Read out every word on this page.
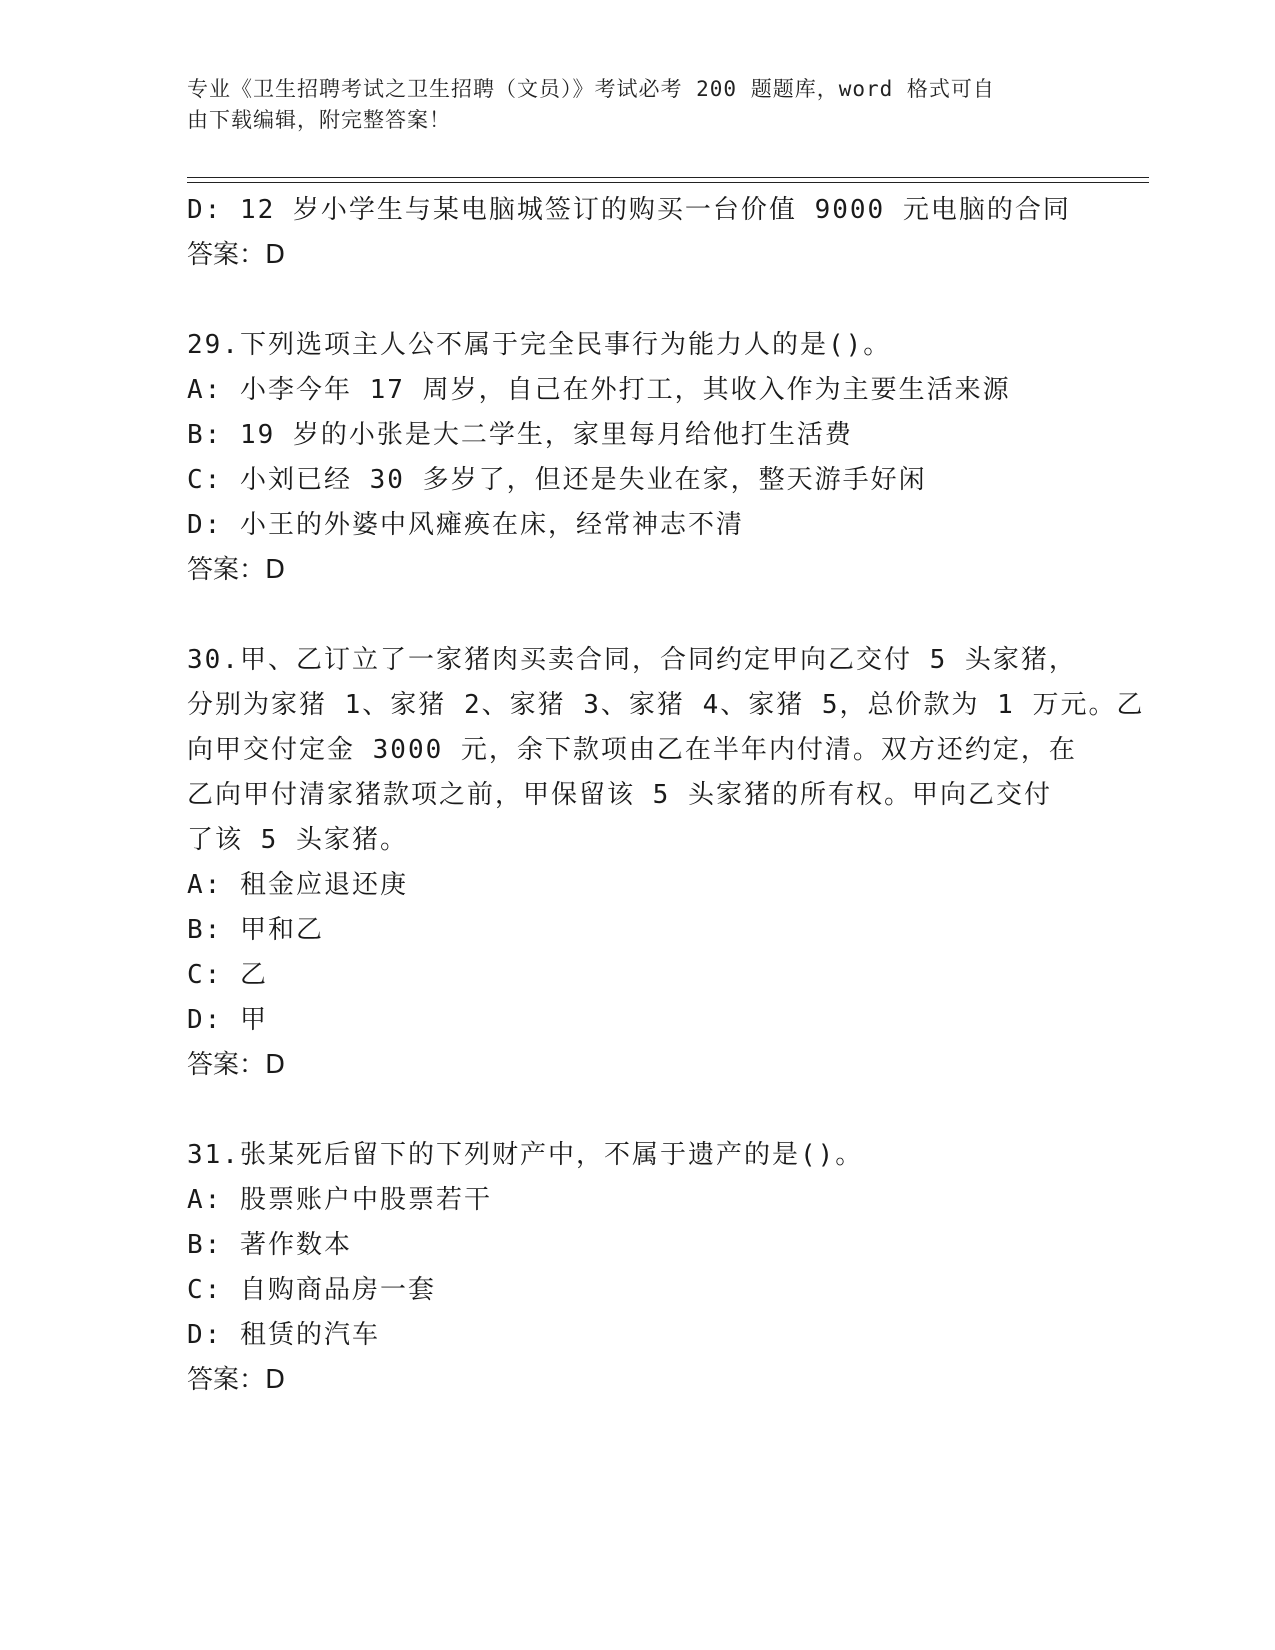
专业《卫生招聘考试之卫生招聘（文员）》考试必考 200 题题库，word 格式可自
由下载编辑，附完整答案！
D: 12 岁小学生与某电脑城签订的购买一台价值 9000 元电脑的合同
答案：D
29.下列选项主人公不属于完全民事行为能力人的是()。
A: 小李今年 17 周岁，自己在外打工，其收入作为主要生活来源
B: 19 岁的小张是大二学生，家里每月给他打生活费
C: 小刘已经 30 多岁了，但还是失业在家，整天游手好闲
D: 小王的外婆中风瘫痪在床，经常神志不清
答案：D
30.甲、乙订立了一家猪肉买卖合同，合同约定甲向乙交付 5 头家猪，
分别为家猪 1、家猪 2、家猪 3、家猪 4、家猪 5，总价款为 1 万元。乙
向甲交付定金 3000 元，余下款项由乙在半年内付清。双方还约定，在
乙向甲付清家猪款项之前，甲保留该 5 头家猪的所有权。甲向乙交付
了该 5 头家猪。
A: 租金应退还庚
B: 甲和乙
C: 乙
D: 甲
答案：D
31.张某死后留下的下列财产中，不属于遗产的是()。
A: 股票账户中股票若干
B: 著作数本
C: 自购商品房一套
D: 租赁的汽车
答案：D
